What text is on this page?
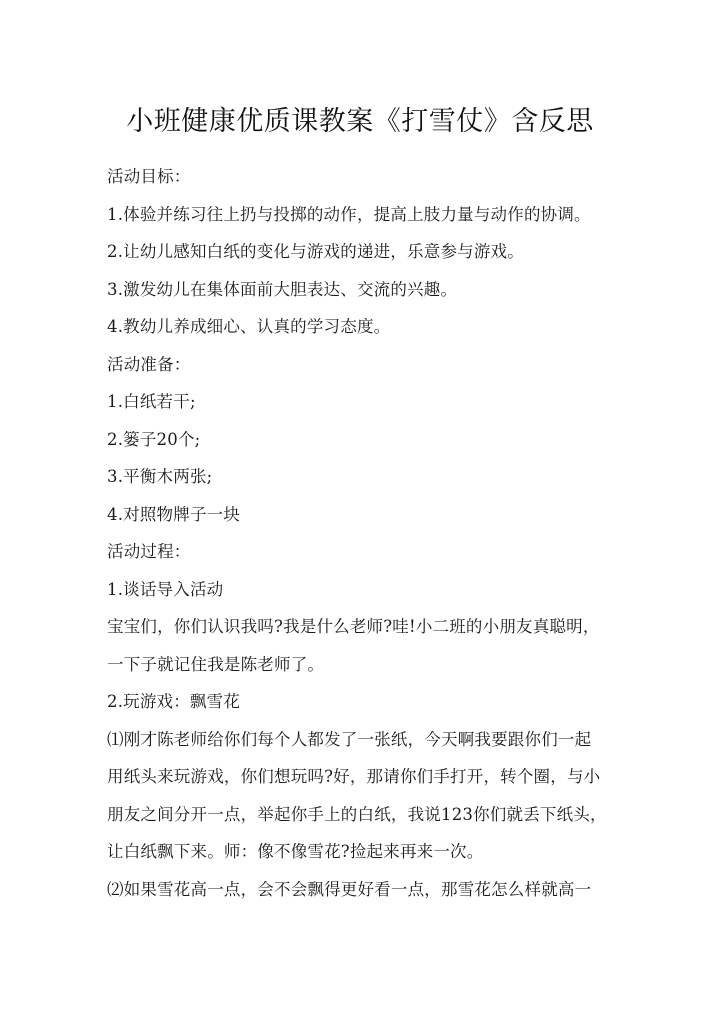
小班健康优质课教案《打雪仗》含反思
活动目标：
1.体验并练习往上扔与投掷的动作，提高上肢力量与动作的协调。
2.让幼儿感知白纸的变化与游戏的递进，乐意参与游戏。
3.激发幼儿在集体面前大胆表达、交流的兴趣。
4.教幼儿养成细心、认真的学习态度。
活动准备：
1.白纸若干;
2.篓子20个;
3.平衡木两张;
4.对照物牌子一块
活动过程：
1.谈话导入活动
宝宝们，你们认识我吗?我是什么老师?哇!小二班的小朋友真聪明，
一下子就记住我是陈老师了。
2.玩游戏：飘雪花
⑴刚才陈老师给你们每个人都发了一张纸，今天啊我要跟你们一起
用纸头来玩游戏，你们想玩吗?好，那请你们手打开，转个圈，与小
朋友之间分开一点，举起你手上的白纸，我说123你们就丢下纸头，
让白纸飘下来。师：像不像雪花?捡起来再来一次。
⑵如果雪花高一点，会不会飘得更好看一点，那雪花怎么样就高一
